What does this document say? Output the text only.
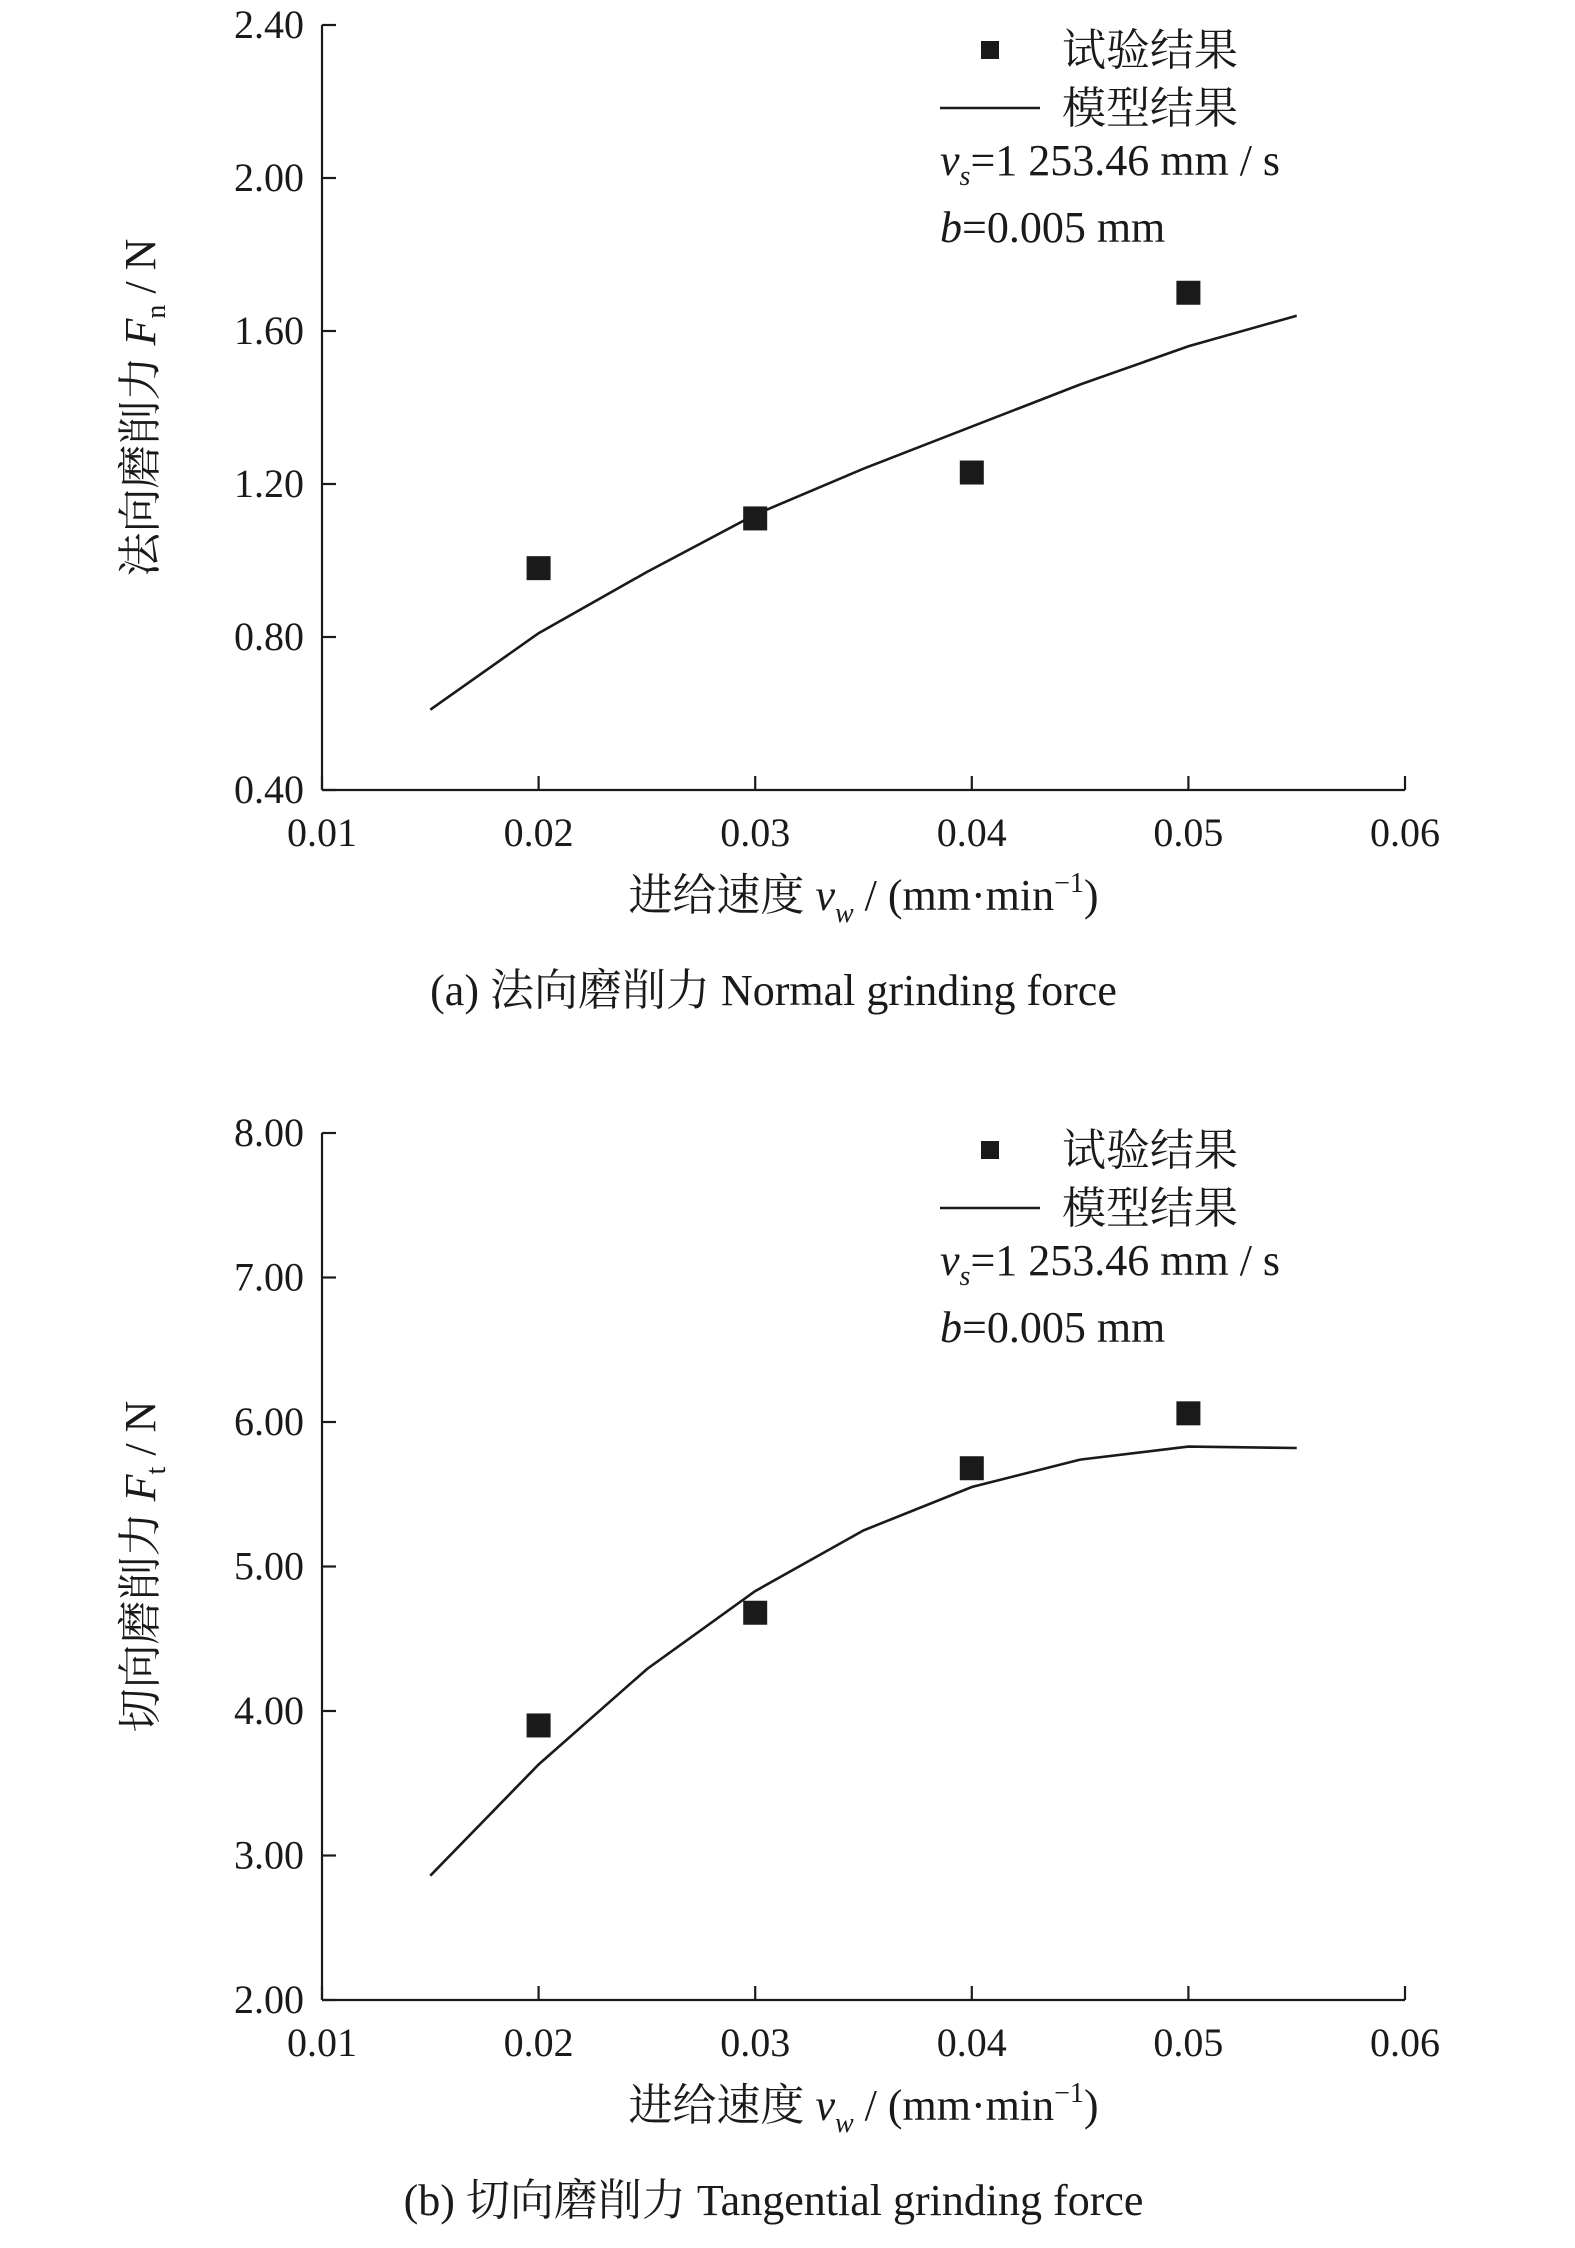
0.40
0.80
1.20
1.60
2.00
2.40
0.01	0.02	0.03	0.04	0.05	0.06
试验结果
模型结果
$v_s=1$ 253.46 mm / s
b=0.005 mm
进给速度 $v_w / (mm\cdot\min^{-1})$
法向磨削力 $F_n$ / N
(a) 法向磨削力 Normal grinding force
2.00
3.00
4.00
5.00
6.00
7.00
8.00
0.01	0.02	0.03	0.04	0.05	0.06
试验结果
模型结果
$v_s=1$ 253.46 mm / s
b=0.005 mm
进给速度 $v_w / (mm\cdot\min^{-1})$
切向磨削力 $F_t$ / N
(b) 切向磨削力 Tangential grinding force
